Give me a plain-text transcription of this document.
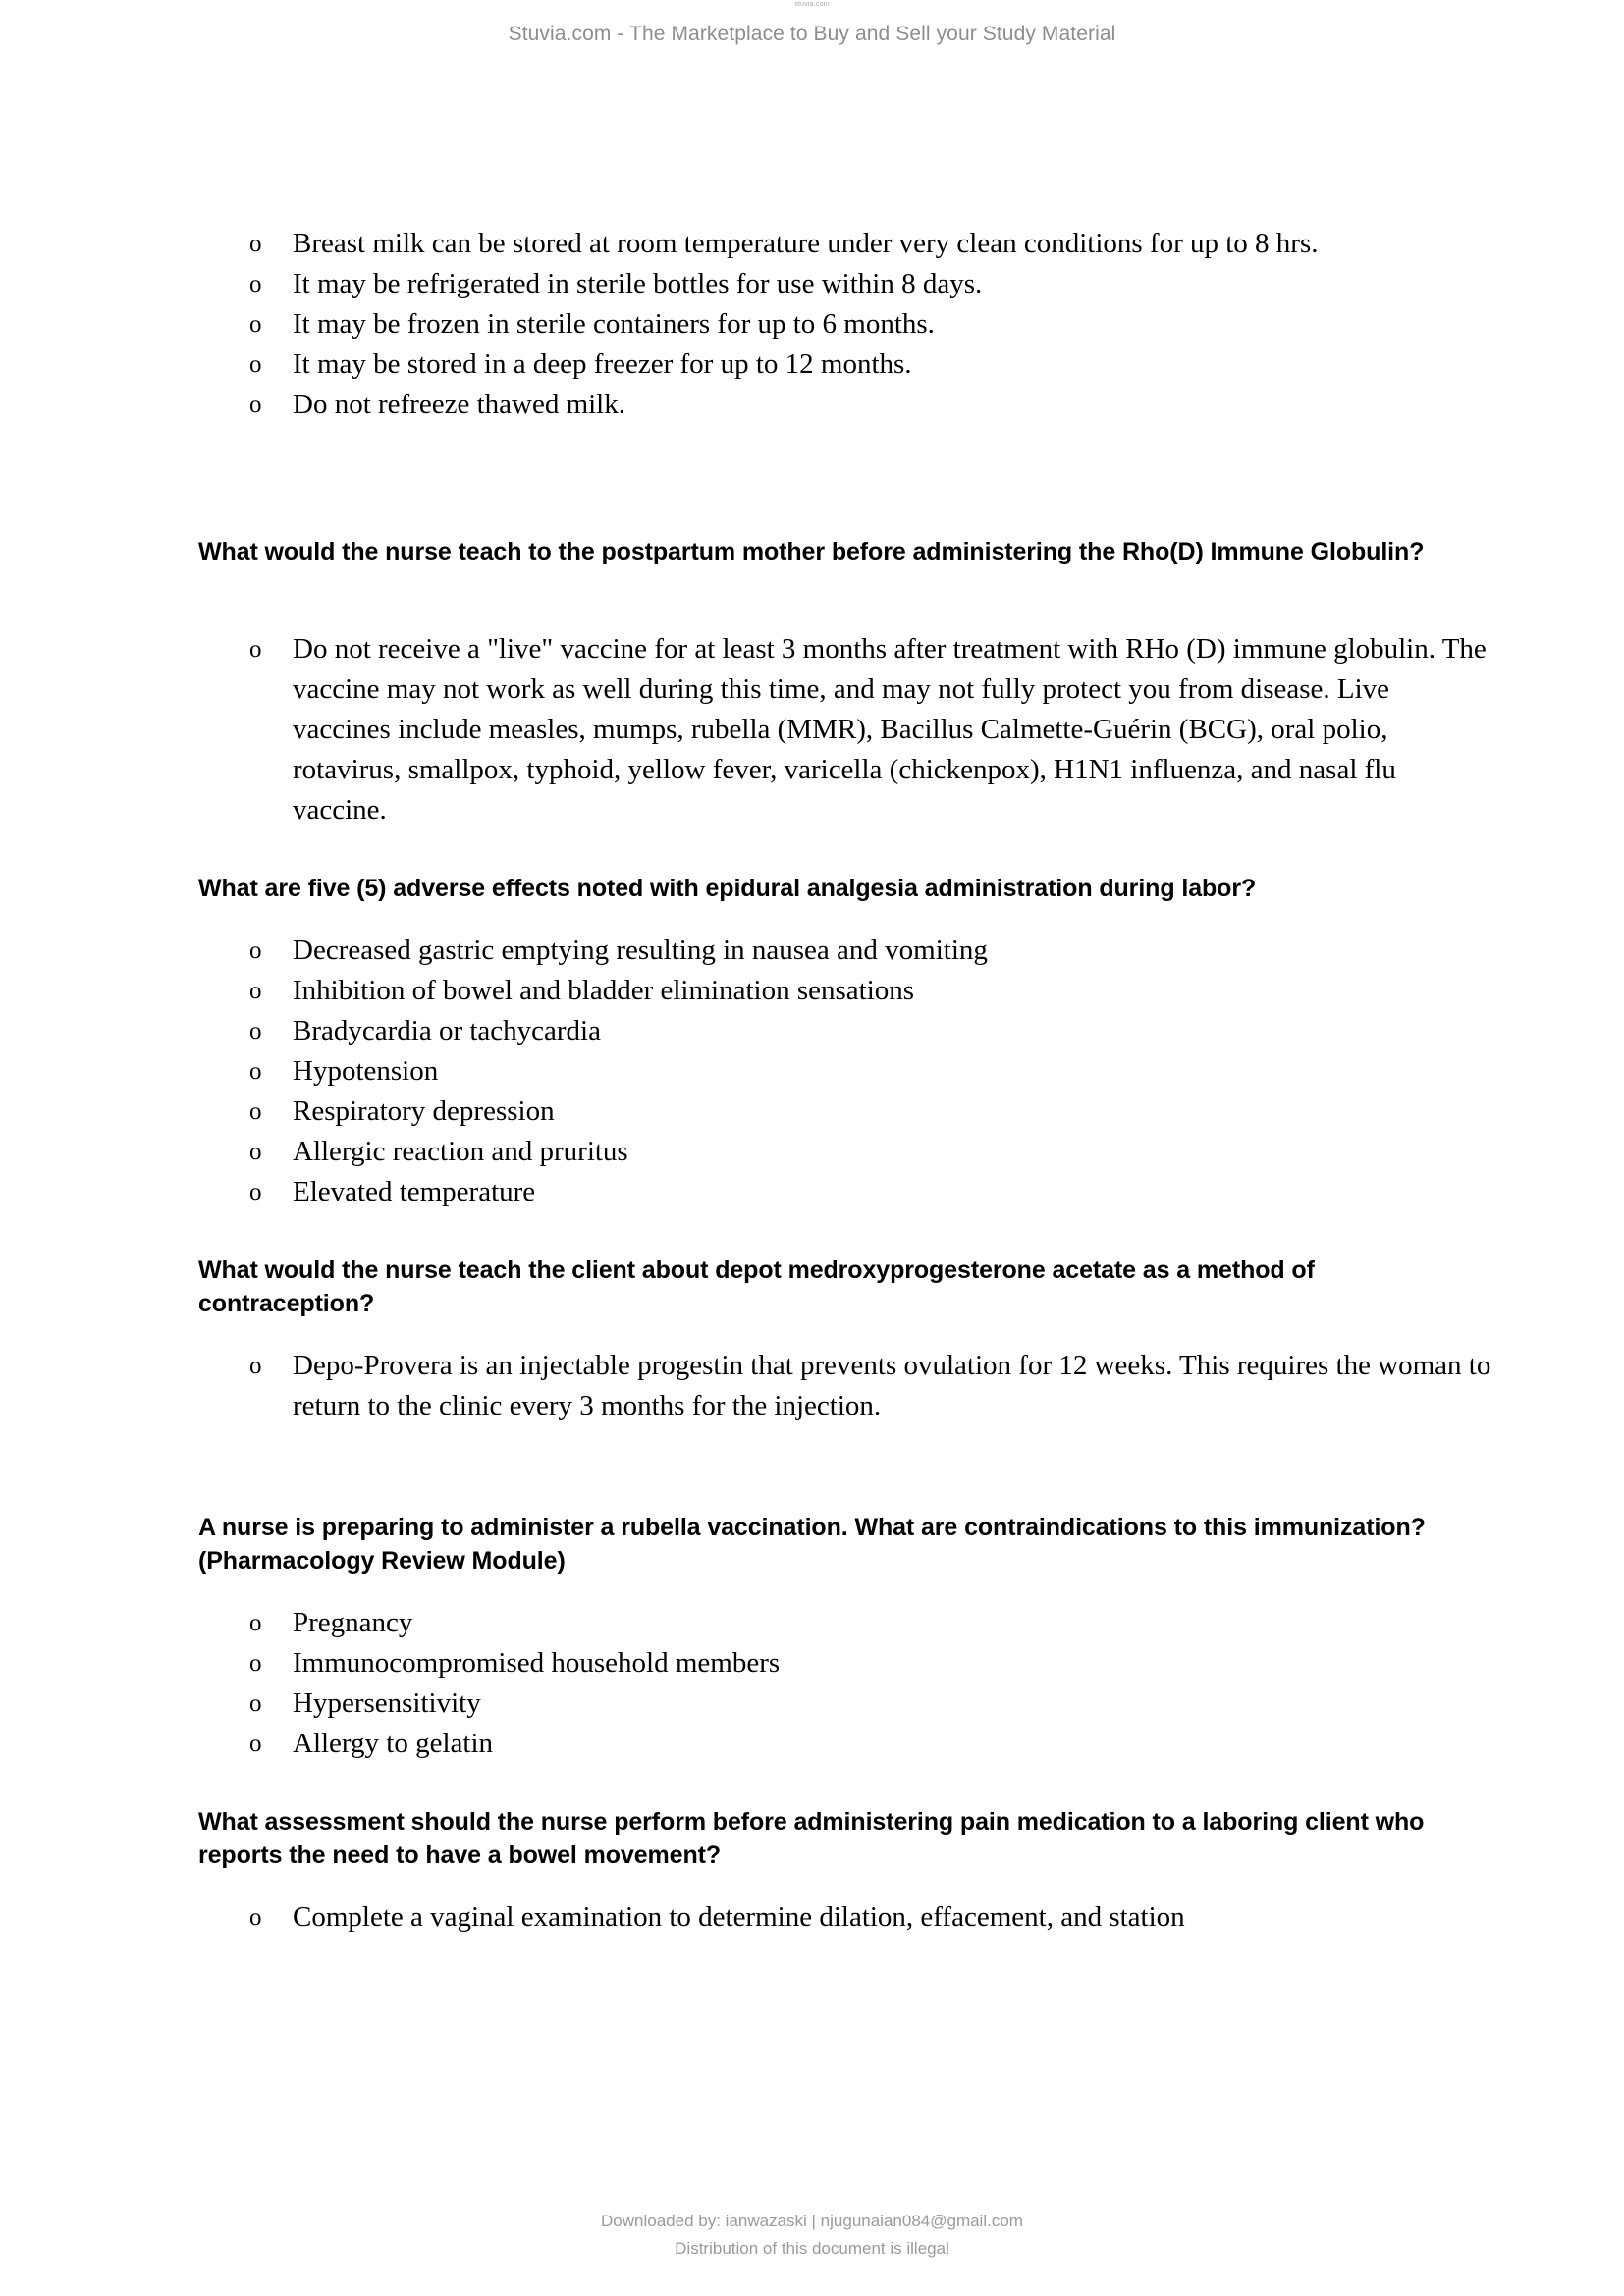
stuvia.com
Stuvia.com - The Marketplace to Buy and Sell your Study Material
o Breast milk can be stored at room temperature under very clean conditions for up to 8 hrs.
o It may be refrigerated in sterile bottles for use within 8 days.
o It may be frozen in sterile containers for up to 6 months.
o It may be stored in a deep freezer for up to 12 months.
o Do not refreeze thawed milk.
What would the nurse teach to the postpartum mother before administering the Rho(D) Immune Globulin?
o Do not receive a "live" vaccine for at least 3 months after treatment with RHo (D) immune globulin. The vaccine may not work as well during this time, and may not fully protect you from disease. Live vaccines include measles, mumps, rubella (MMR), Bacillus Calmette-Guérin (BCG), oral polio, rotavirus, smallpox, typhoid, yellow fever, varicella (chickenpox), H1N1 influenza, and nasal flu vaccine.
What are five (5) adverse effects noted with epidural analgesia administration during labor?
o Decreased gastric emptying resulting in nausea and vomiting
o Inhibition of bowel and bladder elimination sensations
o Bradycardia or tachycardia
o Hypotension
o Respiratory depression
o Allergic reaction and pruritus
o Elevated temperature
What would the nurse teach the client about depot medroxyprogesterone acetate as a method of contraception?
o Depo-Provera is an injectable progestin that prevents ovulation for 12 weeks. This requires the woman to return to the clinic every 3 months for the injection.
A nurse is preparing to administer a rubella vaccination. What are contraindications to this immunization? (Pharmacology Review Module)
o Pregnancy
o Immunocompromised household members
o Hypersensitivity
o Allergy to gelatin
What assessment should the nurse perform before administering pain medication to a laboring client who reports the need to have a bowel movement?
o Complete a vaginal examination to determine dilation, effacement, and station
Downloaded by: ianwazaski | njugunaian084@gmail.com
Distribution of this document is illegal
